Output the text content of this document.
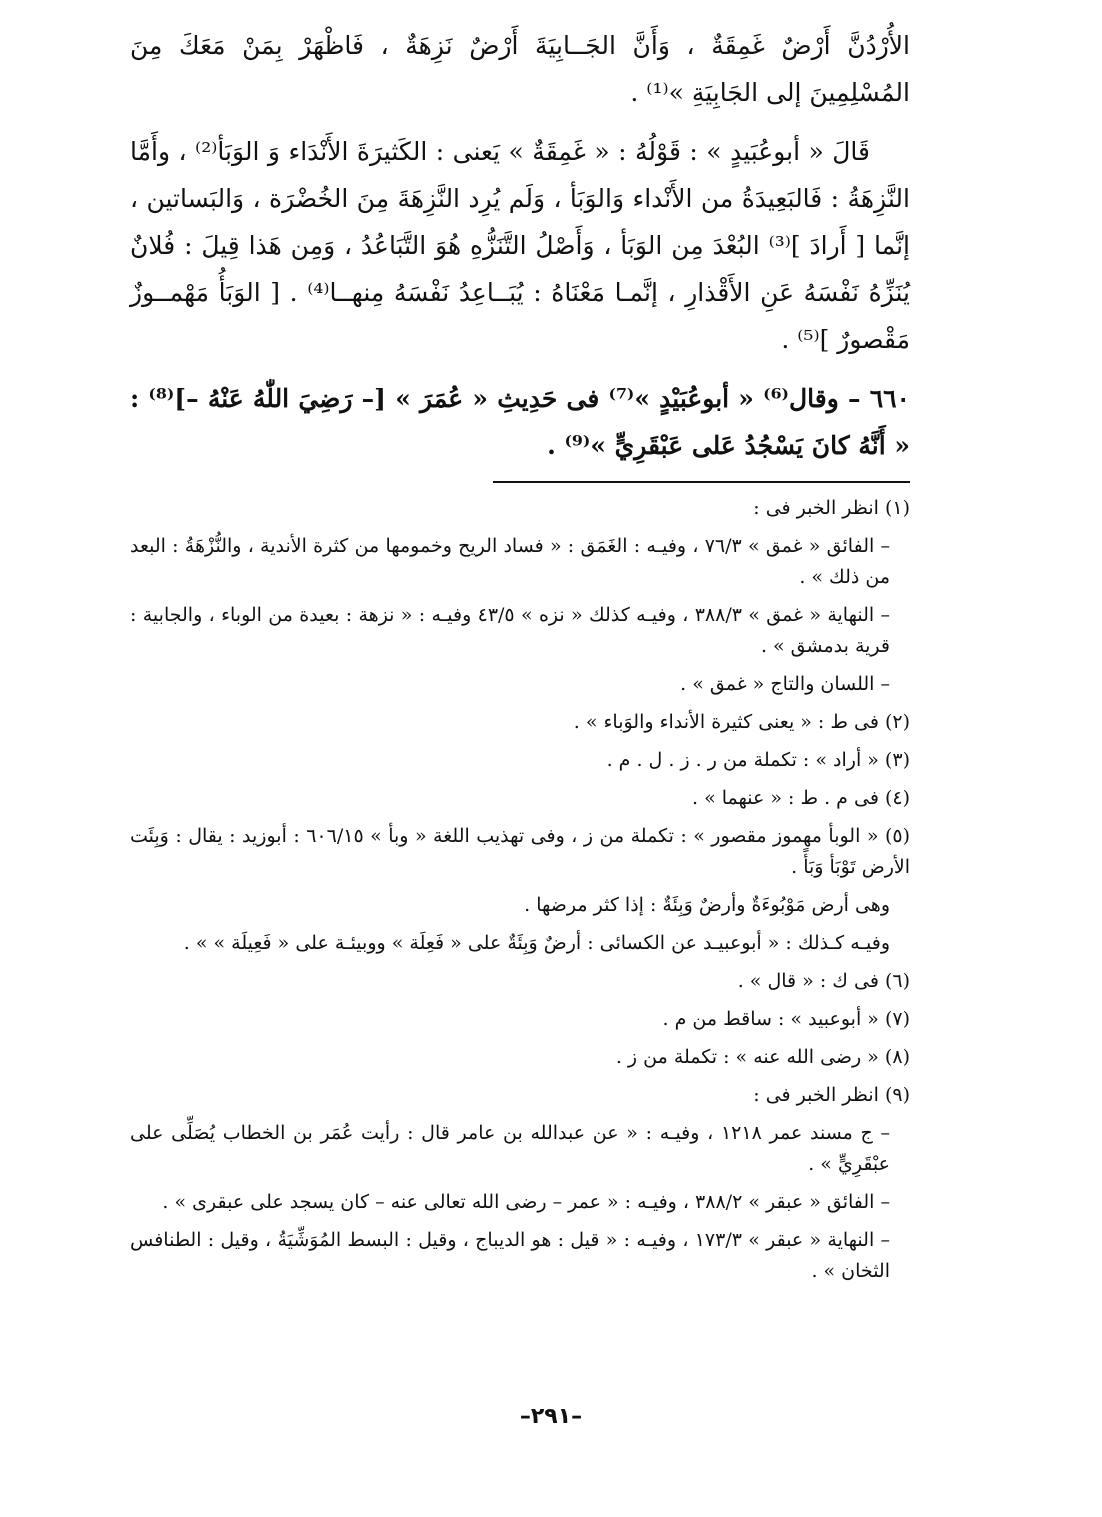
الأُرْدُنَّ أَرْضٌ غَمِقَةٌ ، وَأَنَّ الجَــابِيَةَ أَرْضٌ نَزِهَةٌ ، فَاظْهَرْ بِمَنْ مَعَكَ مِنَ المُسْلِمِينَ إلى الجَابِيَةِ »⁽¹⁾ .

قَالَ « أبوعُبَيدٍ » : قَوْلُهُ : « غَمِقَةٌ » يَعنى : الكَثيرَةَ الأَنْدَاء وَ الوَبَأ⁽²⁾ ، وأَمَّا النَّزِهَةُ : فَالبَعِيدَةُ من الأَنْداء وَالوَبَأ ، وَلَم يُرِد النَّزِهَةَ مِنَ الخُضْرَة ، وَالبَساتين ، إنَّما [ أَرادَ ]⁽³⁾ البُعْدَ مِن الوَبَأ ، وَأَصْلُ التَّنَزُّهِ هُوَ التَّبَاعُدُ ، وَمِن هَذا قِيلَ : فُلانٌ يُنَزِّهُ نَفْسَهُ عَنِ الأَقْذارِ ، إنَّمـا مَعْنَاهُ : يُبَــاعِدُ نَفْسَهُ مِنهــا⁽⁴⁾ . [ الوَبَأُ مَهْمــوزٌ مَقْصورٌ ]⁽⁵⁾ .

٦٦٠ – وقال⁽⁶⁾ « أبوعُبَيْدٍ »⁽⁷⁾ فى حَدِيثِ « عُمَرَ » [– رَضِيَ اللّٰهُ عَنْهُ –]⁽⁸⁾ : « أَنَّهُ كانَ يَسْجُدُ عَلى عَبْقَرِيٍّ »⁽⁹⁾ .

(١) انظر الخبر فى :

– الفائق « غمق » ٧٦/٣ ، وفيـه : الغَمَق : « فساد الريح وخمومها من كثرة الأندية ، والنُّزْهَةُ : البعد من ذلك » .

– النهاية « غمق » ٣٨٨/٣ ، وفيـه كذلك « نزه » ٤٣/٥ وفيـه : « نزهة : بعيدة من الوباء ، والجابية : قرية بدمشق » .

– اللسان والتاج « غمق » .

(٢) فى ط : « يعنى كثيرة الأنداء والوَباء » .

(٣) « أراد » : تكملة من ر . ز . ل . م .

(٤) فى م . ط : « عنهما » .

(٥) « الوبأ مهموز مقصور » : تكملة من ز ، وفى تهذيب اللغة « وبأ » ٦٠٦/١٥ : أبوزيد : يقال : وَبِئَت الأرض تَوْبَأ وَبَأً .

وهى أرض مَوْبُوءَةٌ وأرضٌ وَبِئَةٌ : إذا كثر مرضها .

وفيـه كـذلك : « أبوعبيـد عن الكسائى : أرضٌ وَبِئَةٌ على « فَعِلَة » ووبيئـة على « فَعِيلَة » » .

(٦) فى ك : « قال » .

(٧) « أبوعبيد » : ساقط من م .

(٨) « رضى الله عنه » : تكملة من ز .

(٩) انظر الخبر فى :

– ج مسند عمر ١٢١٨ ، وفيـه : « عن عبدالله بن عامر قال : رأيت عُمَر بن الخطاب يُصَلِّى على عبْقَرِيٍّ » .

– الفائق « عبقر » ٣٨٨/٢ ، وفيـه : « عمر – رضى الله تعالى عنه – كان يسجد على عبقرى » .

– النهاية « عبقر » ١٧٣/٣ ، وفيـه : « قيل : هو الديباج ، وقيل : البسط المُوَشِّيَةُ ، وقيل : الطنافس الثخان » .

–٢٩١–
